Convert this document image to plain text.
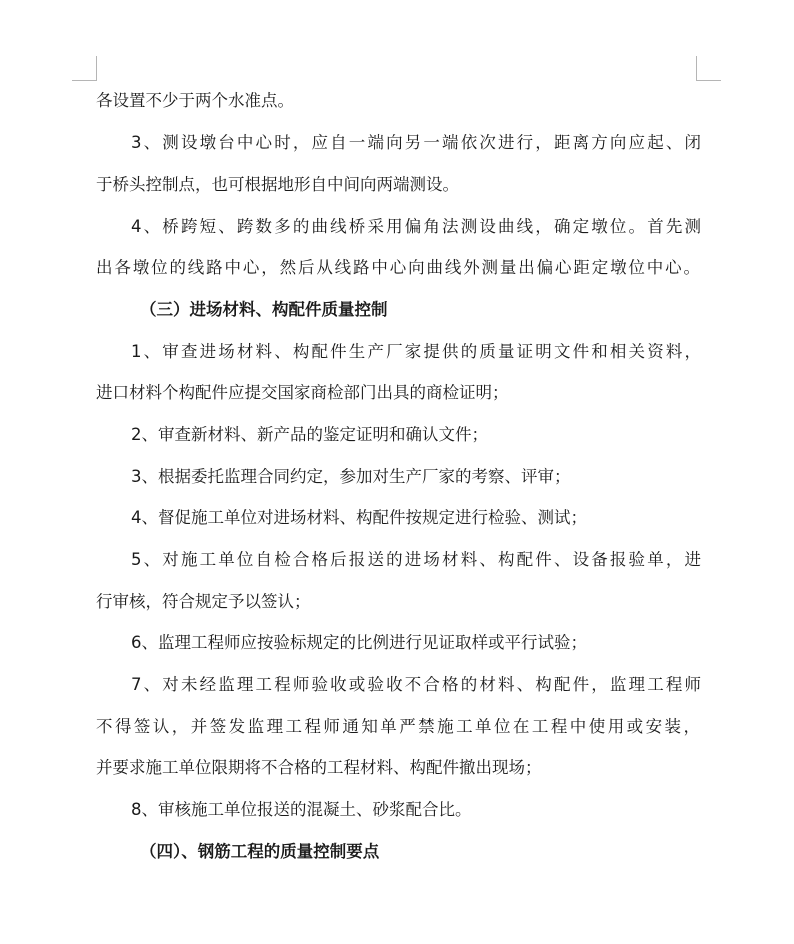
各设置不少于两个水准点。
3、测设墩台中心时，应自一端向另一端依次进行，距离方向应起、闭
于桥头控制点，也可根据地形自中间向两端测设。
4、桥跨短、跨数多的曲线桥采用偏角法测设曲线，确定墩位。首先测
出各墩位的线路中心，然后从线路中心向曲线外测量出偏心距定墩位中心。
（三）进场材料、构配件质量控制
1、审查进场材料、构配件生产厂家提供的质量证明文件和相关资料，
进口材料个构配件应提交国家商检部门出具的商检证明；
2、审查新材料、新产品的鉴定证明和确认文件；
3、根据委托监理合同约定，参加对生产厂家的考察、评审；
4、督促施工单位对进场材料、构配件按规定进行检验、测试；
5、对施工单位自检合格后报送的进场材料、构配件、设备报验单，进
行审核，符合规定予以签认；
6、监理工程师应按验标规定的比例进行见证取样或平行试验；
7、对未经监理工程师验收或验收不合格的材料、构配件，监理工程师
不得签认，并签发监理工程师通知单严禁施工单位在工程中使用或安装，
并要求施工单位限期将不合格的工程材料、构配件撤出现场；
8、审核施工单位报送的混凝土、砂浆配合比。
（四）、钢筋工程的质量控制要点
